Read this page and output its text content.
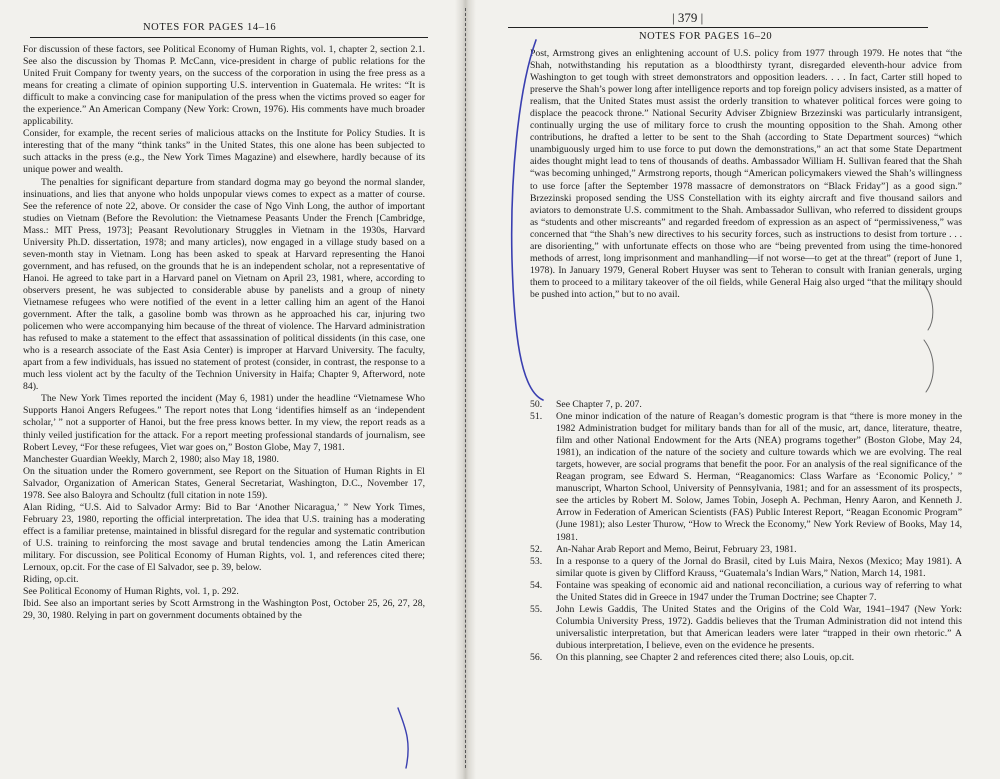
NOTES FOR PAGES 14–16

For discussion of these factors, see Political Economy of Human Rights, vol. 1, chapter 2, section 2.1. See also the discussion by Thomas P. McCann, vice-president in charge of public relations for the United Fruit Company for twenty years, on the success of the corporation in using the free press as a means for creating a climate of opinion supporting U.S. intervention in Guatemala. He writes: “It is difficult to make a convincing case for manipulation of the press when the victims proved so eager for the experience.” An American Company (New York: Crown, 1976). His comments have much broader applicability.

Consider, for example, the recent series of malicious attacks on the Institute for Policy Studies. It is interesting that of the many “think tanks” in the United States, this one alone has been subjected to such attacks in the press (e.g., the New York Times Magazine) and elsewhere, hardly because of its unique power and wealth.

The penalties for significant departure from standard dogma may go beyond the normal slander, insinuations, and lies that anyone who holds unpopular views comes to expect as a matter of course. See the reference of note 22, above. Or consider the case of Ngo Vinh Long, the author of important studies on Vietnam (Before the Revolution: the Vietnamese Peasants Under the French [Cambridge, Mass.: MIT Press, 1973]; Peasant Revolutionary Struggles in Vietnam in the 1930s, Harvard University Ph.D. dissertation, 1978; and many articles), now engaged in a village study based on a seven-month stay in Vietnam. Long has been asked to speak at Harvard representing the Hanoi government, and has refused, on the grounds that he is an independent scholar, not a representative of Hanoi. He agreed to take part in a Harvard panel on Vietnam on April 23, 1981, where, according to observers present, he was subjected to considerable abuse by panelists and a group of ninety Vietnamese refugees who were notified of the event in a letter calling him an agent of the Hanoi government. After the talk, a gasoline bomb was thrown as he approached his car, injuring two policemen who were accompanying him because of the threat of violence. The Harvard administration has refused to make a statement to the effect that assassination of political dissidents (in this case, one who is a research associate of the East Asia Center) is improper at Harvard University. The faculty, apart from a few individuals, has issued no statement of protest (consider, in contrast, the response to a much less violent act by the faculty of the Technion University in Haifa; Chapter 9, Afterword, note 84).

The New York Times reported the incident (May 6, 1981) under the headline “Vietnamese Who Supports Hanoi Angers Refugees.” The report notes that Long ‘identifies himself as an ‘independent scholar,’ ” not a supporter of Hanoi, but the free press knows better. In my view, the report reads as a thinly veiled justification for the attack. For a report meeting professional standards of journalism, see Robert Levey, “For these refugees, Viet war goes on,” Boston Globe, May 7, 1981.

Manchester Guardian Weekly, March 2, 1980; also May 18, 1980.

On the situation under the Romero government, see Report on the Situation of Human Rights in El Salvador, Organization of American States, General Secretariat, Washington, D.C., November 17, 1978. See also Baloyra and Schoultz (full citation in note 159).

Alan Riding, “U.S. Aid to Salvador Army: Bid to Bar ‘Another Nicaragua,’ ” New York Times, February 23, 1980, reporting the official interpretation. The idea that U.S. training has a moderating effect is a familiar pretense, maintained in blissful disregard for the regular and systematic contribution of U.S. training to reinforcing the most savage and brutal tendencies among the Latin American military. For discussion, see Political Economy of Human Rights, vol. 1, and references cited there; Lernoux, op.cit. For the case of El Salvador, see p. 39, below.

Riding, op.cit.

See Political Economy of Human Rights, vol. 1, p. 292.

Ibid. See also an important series by Scott Armstrong in the Washington Post, October 25, 26, 27, 28, 29, 30, 1980. Relying in part on government documents obtained by the

| 379 |
NOTES FOR PAGES 16–20

Post, Armstrong gives an enlightening account of U.S. policy from 1977 through 1979. He notes that “the Shah, notwithstanding his reputation as a bloodthirsty tyrant, disregarded eleventh-hour advice from Washington to get tough with street demonstrators and opposition leaders. . . . In fact, Carter still hoped to preserve the Shah’s power long after intelligence reports and top foreign policy advisers insisted, as a matter of realism, that the United States must assist the orderly transition to whatever political forces were going to displace the peacock throne.” National Security Adviser Zbigniew Brzezinski was particularly intransigent, continually urging the use of military force to crush the mounting opposition to the Shah. Among other contributions, he drafted a letter to be sent to the Shah (according to State Department sources) “which unambiguously urged him to use force to put down the demonstrations,” an act that some State Department aides thought might lead to tens of thousands of deaths. Ambassador William H. Sullivan feared that the Shah “was becoming unhinged,” Armstrong reports, though “American policymakers viewed the Shah’s willingness to use force [after the September 1978 massacre of demonstrators on “Black Friday”] as a good sign.” Brzezinski proposed sending the USS Constellation with its eighty aircraft and five thousand sailors and aviators to demonstrate U.S. commitment to the Shah. Ambassador Sullivan, who referred to dissident groups as “students and other miscreants” and regarded freedom of expression as an aspect of “permissiveness,” was concerned that “the Shah’s new directives to his security forces, such as instructions to desist from torture . . . are disorienting,” with unfortunate effects on those who are “being prevented from using the time-honored methods of arrest, long imprisonment and manhandling—if not worse—to get at the threat” (report of June 1, 1978). In January 1979, General Robert Huyser was sent to Teheran to consult with Iranian generals, urging them to proceed to a military takeover of the oil fields, while General Haig also urged “that the military should be pushed into action,” but to no avail.

50.	See Chapter 7, p. 207.
51.	One minor indication of the nature of Reagan’s domestic program is that “there is more money in the 1982 Administration budget for military bands than for all of the music, art, dance, literature, theatre, film and other National Endowment for the Arts (NEA) programs together” (Boston Globe, May 24, 1981), an indication of the nature of the society and culture towards which we are evolving. The real targets, however, are social programs that benefit the poor. For an analysis of the real significance of the Reagan program, see Edward S. Herman, “Reaganomics: Class Warfare as ‘Economic Policy,’ ” manuscript, Wharton School, University of Pennsylvania, 1981; and for an assessment of its prospects, see the articles by Robert M. Solow, James Tobin, Joseph A. Pechman, Henry Aaron, and Kenneth J. Arrow in Federation of American Scientists (FAS) Public Interest Report, “Reagan Economic Program” (June 1981); also Lester Thurow, “How to Wreck the Economy,” New York Review of Books, May 14, 1981.
52.	An-Nahar Arab Report and Memo, Beirut, February 23, 1981.
53.	In a response to a query of the Jornal do Brasil, cited by Luis Maira, Nexos (Mexico; May 1981). A similar quote is given by Clifford Krauss, “Guatemala’s Indian Wars,” Nation, March 14, 1981.
54.	Fontaine was speaking of economic aid and national reconciliation, a curious way of referring to what the United States did in Greece in 1947 under the Truman Doctrine; see Chapter 7.
55.	John Lewis Gaddis, The United States and the Origins of the Cold War, 1941–1947 (New York: Columbia University Press, 1972). Gaddis believes that the Truman Administration did not intend this universalistic interpretation, but that American leaders were later “trapped in their own rhetoric.” A dubious interpretation, I believe, even on the evidence he presents.
56.	On this planning, see Chapter 2 and references cited there; also Louis, op.cit.
